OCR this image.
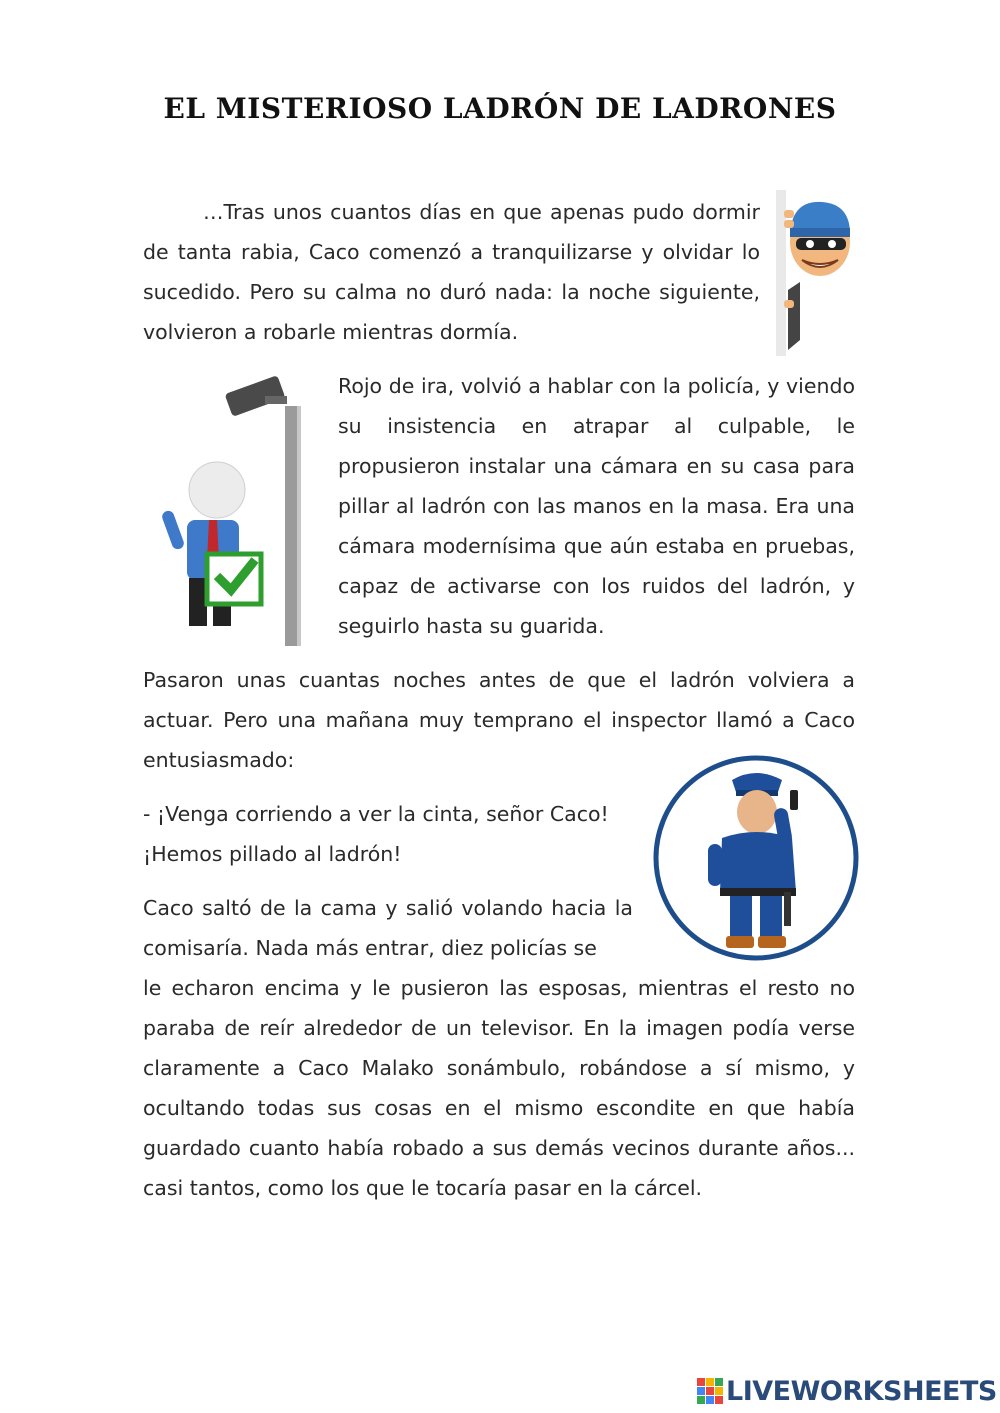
EL MISTERIOSO LADRÓN DE LADRONES
…Tras unos cuantos días en que apenas pudo dormir de tanta rabia, Caco comenzó a tranquilizarse y olvidar lo sucedido. Pero su calma no duró nada: la noche siguiente, volvieron a robarle mientras dormía.
Rojo de ira, volvió a hablar con la policía, y viendo su insistencia en atrapar al culpable, le propusieron instalar una cámara en su casa para pillar al ladrón con las manos en la masa. Era una cámara modernísima que aún estaba en pruebas, capaz de activarse con los ruidos del ladrón, y seguirlo hasta su guarida.
Pasaron unas cuantas noches antes de que el ladrón volviera a actuar. Pero una mañana muy temprano el inspector llamó a Caco entusiasmado:
- ¡Venga corriendo a ver la cinta, señor Caco!
¡Hemos pillado al ladrón!
Caco saltó de la cama y salió volando hacia la comisaría. Nada más entrar, diez policías se
le echaron encima y le pusieron las esposas, mientras el resto no paraba de reír alrededor de un televisor. En la imagen podía verse claramente a Caco Malako sonámbulo, robándose a sí mismo, y ocultando todas sus cosas en el mismo escondite en que había guardado cuanto había robado a sus demás vecinos durante años... casi tantos, como los que le tocaría pasar en la cárcel.
LIVEWORKSHEETS
